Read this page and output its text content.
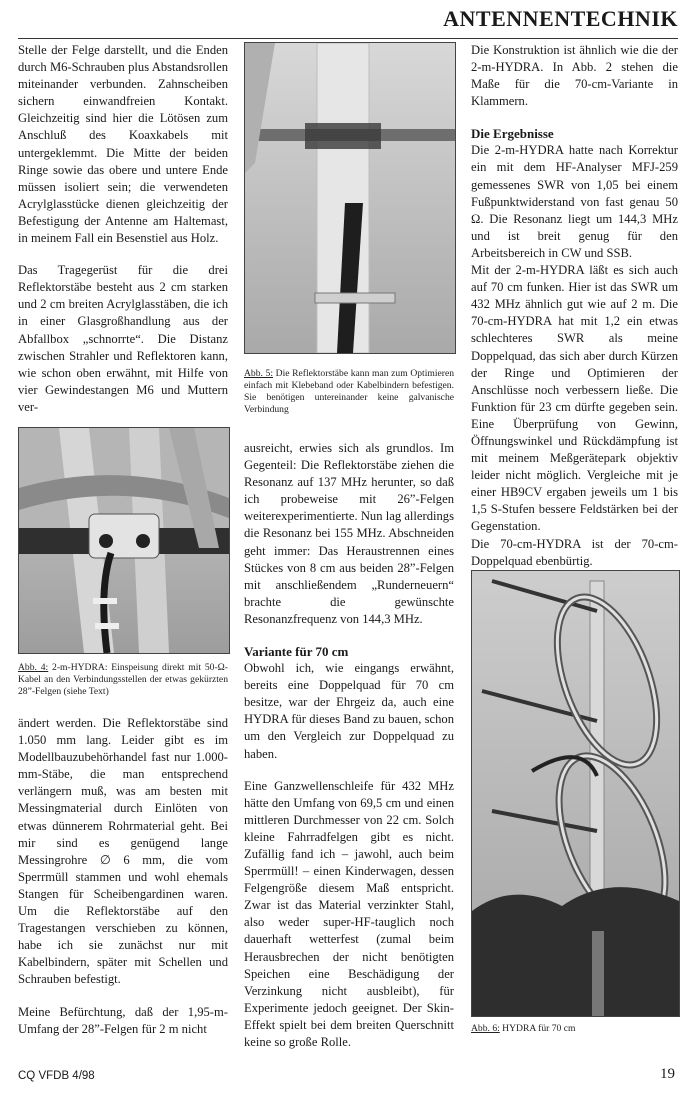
ANTENNENTECHNIK

Stelle der Felge darstellt, und die Enden durch M6-Schrauben plus Abstandsrollen miteinander verbunden. Zahnscheiben sichern einwandfreien Kontakt. Gleichzeitig sind hier die Lötösen zum Anschluß des Koaxkabels mit untergeklemmt. Die Mitte der beiden Ringe sowie das obere und untere Ende müssen isoliert sein; die verwendeten Acrylglasstücke dienen gleichzeitig der Befestigung der Antenne am Haltemast, in meinem Fall ein Besenstiel aus Holz.

Das Tragegerüst für die drei Reflektorstäbe besteht aus 2 cm starken und 2 cm breiten Acrylglasstäben, die ich in einer Glasgroßhandlung aus der Abfallbox „schnorrte“. Die Distanz zwischen Strahler und Reflektoren kann, wie schon oben erwähnt, mit Hilfe von vier Gewindestangen M6 und Muttern ver-

Abb. 4: 2-m-HYDRA: Einspeisung direkt mit 50-Ω-Kabel an den Verbindungsstellen der etwas gekürzten 28”-Felgen (siehe Text)

ändert werden. Die Reflektorstäbe sind 1.050 mm lang. Leider gibt es im Modellbauzubehörhandel fast nur 1.000-mm-Stäbe, die man entsprechend verlängern muß, was am besten mit Messingmaterial durch Einlöten von etwas dünnerem Rohrmaterial geht. Bei mir sind es genügend lange Messingrohre ∅ 6 mm, die vom Sperrmüll stammen und wohl ehemals Stangen für Scheibengardinen waren. Um die Reflektorstäbe auf den Tragestangen verschieben zu können, habe ich sie zunächst nur mit Kabelbindern, später mit Schellen und Schrauben befestigt.

Meine Befürchtung, daß der 1,95-m-Umfang der 28”-Felgen für 2 m nicht

Abb. 5: Die Reflektorstäbe kann man zum Optimieren einfach mit Klebeband oder Kabelbindern befestigen. Sie benötigen untereinander keine galvanische Verbindung

ausreicht, erwies sich als grundlos. Im Gegenteil: Die Reflektorstäbe ziehen die Resonanz auf 137 MHz herunter, so daß ich probeweise mit 26”-Felgen weiterexperimentierte. Nun lag allerdings die Resonanz bei 155 MHz. Abschneiden geht immer: Das Heraustrennen eines Stückes von 8 cm aus beiden 28”-Felgen mit anschließendem „Runderneuern“ brachte die gewünschte Resonanzfrequenz von 144,3 MHz.

Variante für 70 cm

Obwohl ich, wie eingangs erwähnt, bereits eine Doppelquad für 70 cm besitze, war der Ehrgeiz da, auch eine HYDRA für dieses Band zu bauen, schon um den Vergleich zur Doppelquad zu haben.

Eine Ganzwellenschleife für 432 MHz hätte den Umfang von 69,5 cm und einen mittleren Durchmesser von 22 cm. Solch kleine Fahrradfelgen gibt es nicht. Zufällig fand ich – jawohl, auch beim Sperrmüll! – einen Kinderwagen, dessen Felgengröße diesem Maß entspricht. Zwar ist das Material verzinkter Stahl, also weder super-HF-tauglich noch dauerhaft wetterfest (zumal beim Herausbrechen der nicht benötigten Speichen eine Beschädigung der Verzinkung nicht ausbleibt), für Experimente jedoch geeignet. Der Skin-Effekt spielt bei dem breiten Querschnitt keine so große Rolle.

Die Konstruktion ist ähnlich wie die der 2-m-HYDRA. In Abb. 2 stehen die Maße für die 70-cm-Variante in Klammern.

Die Ergebnisse

Die 2-m-HYDRA hatte nach Korrektur ein mit dem HF-Analyser MFJ-259 gemessenes SWR von 1,05 bei einem Fußpunktwiderstand von fast genau 50 Ω. Die Resonanz liegt um 144,3 MHz und ist breit genug für den Arbeitsbereich in CW und SSB.

Mit der 2-m-HYDRA läßt es sich auch auf 70 cm funken. Hier ist das SWR um 432 MHz ähnlich gut wie auf 2 m. Die 70-cm-HYDRA hat mit 1,2 ein etwas schlechteres SWR als meine Doppelquad, das sich aber durch Kürzen der Ringe und Optimieren der Anschlüsse noch verbessern ließe. Die Funktion für 23 cm dürfte gegeben sein. Eine Überprüfung von Gewinn, Öffnungswinkel und Rückdämpfung ist mit meinem Meßgerätepark objektiv leider nicht möglich. Vergleiche mit je einer HB9CV ergaben jeweils um 1 bis 1,5 S-Stufen bessere Feldstärken bei der Gegenstation.

Die 70-cm-HYDRA ist der 70-cm-Doppelquad ebenbürtig.

Abb. 6: HYDRA für 70 cm
CQ VFDB 4/98	19
